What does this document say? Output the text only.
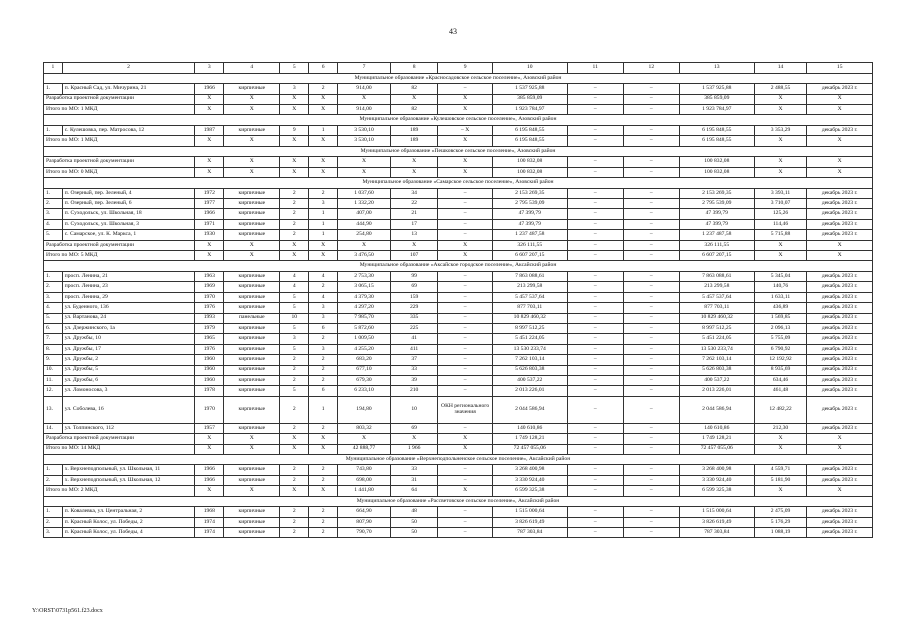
43
1	2	3	4	5	6	7	8	9	10	11	12	13	14	15
Муниципальное образование «Красносадовское сельское поселение», Азовский район														
1.	п. Красный Сад, ул. Мичурина, 21	1966	кирпичные	3	2	914,00	82	–	1 537 925,88	–	–	1 537 925,88	2 488,55	декабрь 2023 г.
Разработка проектной документации		X	X	X	X	X	X	X	385 859,09	–	–	385 859,09	X	X
Итого по МО: 1 МКД		X	X	X	X	914,00	82	X	1 923 784,97	–	–	1 923 784,97	X	X
Муниципальное образование «Кулешовское сельское поселение», Азовский район														
1.	с. Кулешовка, пер. Матросова, 12	1987	кирпичные	9	1	3 530,10	189	– X	6 195 848,55	–	–	6 195 848,55	3 353,29	декабрь 2023 г.
Итого по МО: 1 МКД		X	X	X	X	3 530,10	189	X	6 195 848,55	–	–	6 195 848,55	X	X
Муниципальное образование «Пешковское сельское поселение», Азовский район														
Разработка проектной документации		X	X	X	X	X	X	X	100 832,08	–	–	100 832,08	X	X
Итого по МО: 0 МКД		X	X	X	X	X	X	X	100 832,08	–	–	100 832,08	X	X
Муниципальное образование «Самарское сельское поселение», Азовский район														
1.	п. Озерный, пер. Зеленый, 4	1972	кирпичные	2	2	1 037,60	34	–	2 153 269,35	–	–	2 153 269,35	3 393,11	декабрь 2023 г.
2.	п. Озерный, пер. Зеленый, 6	1977	кирпичные	2	3	1 332,20	22	–	2 795 539,09	–	–	2 795 539,09	3 710,07	декабрь 2023 г.
3.	п. Суходольск, ул. Школьная, 18	1966	кирпичные	2	1	407,00	21	–	47 399,79	–	–	47 399,79	125,26	декабрь 2023 г.
4.	п. Суходольск, ул. Школьная, 3	1971	кирпичные	2	1	444,90	17	–	47 399,79	–	–	47 399,79	114,46	декабрь 2023 г.
5.	с. Самарское, ул. К. Маркса, 1	1930	кирпичные	2	1	254,80	13	–	1 237 487,58	–	–	1 237 487,58	5 715,88	декабрь 2023 г.
Разработка проектной документации		X	X	X	X	X	X	X	326 111,55	–	–	326 111,55	X	X
Итого по МО: 5 МКД		X	X	X	X	3 476,50	107	X	6 607 207,15	–	–	6 607 207,15	X	X
Муниципальное образование «Аксайское городское поселение», Аксайский район														
1.	просп. Ленина, 21	1963	кирпичные	4	4	2 753,30	99	–	7 863 088,61	–	–	7 863 088,61	5 345,04	декабрь 2023 г.
2.	просп. Ленина, 23	1969	кирпичные	4	2	3 065,15	69	–	213 299,58	–	–	213 299,58	140,76	декабрь 2023 г.
3.	просп. Ленина, 29	1970	кирпичные	5	4	4 379,30	159	–	5 457 537,64	–	–	5 457 537,64	1 633,11	декабрь 2023 г.
4.	ул. Буденного, 136	1976	кирпичные	5	3	4 297,20	229	–	877 703,11	–	–	877 703,11	436,89	декабрь 2023 г.
5.	ул. Вартанова, 24	1993	панельные	10	3	7 985,70	335	–	10 829 460,32	–	–	10 829 460,32	1 569,85	декабрь 2023 г.
6.	ул. Дзержинского, 1а	1979	кирпичные	5	6	5 872,60	225	–	8 997 512,25	–	–	8 997 512,25	2 096,13	декабрь 2023 г.
7.	ул. Дружбы, 10	1965	кирпичные	3	2	1 009,50	41	–	5 451 224,05	–	–	5 451 224,05	5 755,09	декабрь 2023 г.
8.	ул. Дружбы, 17	1976	кирпичные	5	3	4 255,20	411	–	13 530 233,74	–	–	13 530 233,74	6 790,92	декабрь 2023 г.
9.	ул. Дружбы, 2	1960	кирпичные	2	2	683,20	37	–	7 262 103,14	–	–	7 262 103,14	12 192,92	декабрь 2023 г.
10.	ул. Дружбы, 5	1960	кирпичные	2	2	677,10	33	–	5 626 803,38	–	–	5 626 803,38	8 935,69	декабрь 2023 г.
11.	ул. Дружбы, 6	1960	кирпичные	2	2	679,30	39	–	400 537,22	–	–	400 537,22	634,46	декабрь 2023 г.
12.	ул. Ломоносова, 3	1978	кирпичные	5	6	6 233,10	210	–	2 013 226,01	–	–	2 013 226,01	461,48	декабрь 2023 г.
13.	ул. Соболева, 16	1970	кирпичные	2	1	194,80	10	ОКН регионального значения	2 044 586,94	–	–	2 044 586,94	12 482,22	декабрь 2023 г.
14.	ул. Толпинского, 112	1957	кирпичные	2	2	803,32	69	–	140 610,86	–	–	140 610,86	212,30	декабрь 2023 г.
Разработка проектной документации		X	X	X	X	X	X	X	1 749 128,21	–	–	1 749 128,21	X	X
Итого по МО: 14 МКД		X	X	X	X	42 888,77	1 966	X	72 457 055,06	–	–	72 457 055,06	X	X
Муниципальное образование «Верхнеподпольненское сельское поселение», Аксайский район														
1.	х. Верхнеподпольный, ул. Школьная, 11	1966	кирпичные	2	2	743,80	33	–	3 268 400,98	–	–	3 268 400,98	4 559,71	декабрь 2023 г.
2.	х. Верхнеподпольный, ул. Школьная, 12	1966	кирпичные	2	2	698,00	31	–	3 330 924,40	–	–	3 330 924,40	5 181,90	декабрь 2023 г.
Итого по МО: 2 МКД		X	X	X	X	1 441,80	64	X	6 599 325,38	–	–	6 599 325,38	X	X
Муниципальное образование «Рассветовское сельское поселение», Аксайский район														
1.	п. Ковалевка, ул. Центральная, 2	1968	кирпичные	2	2	664,90	48	–	1 515 000,64	–	–	1 515 000,64	2 475,09	декабрь 2023 г.
2.	п. Красный Колос, ул. Победы, 2	1974	кирпичные	2	2	807,90	50	–	3 826 619,49	–	–	3 826 619,49	5 176,29	декабрь 2023 г.
3.	п. Красный Колос, ул. Победы, 4	1974	кирпичные	2	2	790,70	50	–	787 303,84	–	–	787 303,84	1 088,19	декабрь 2023 г.
Y:\ORST\0731p561.f23.docx
